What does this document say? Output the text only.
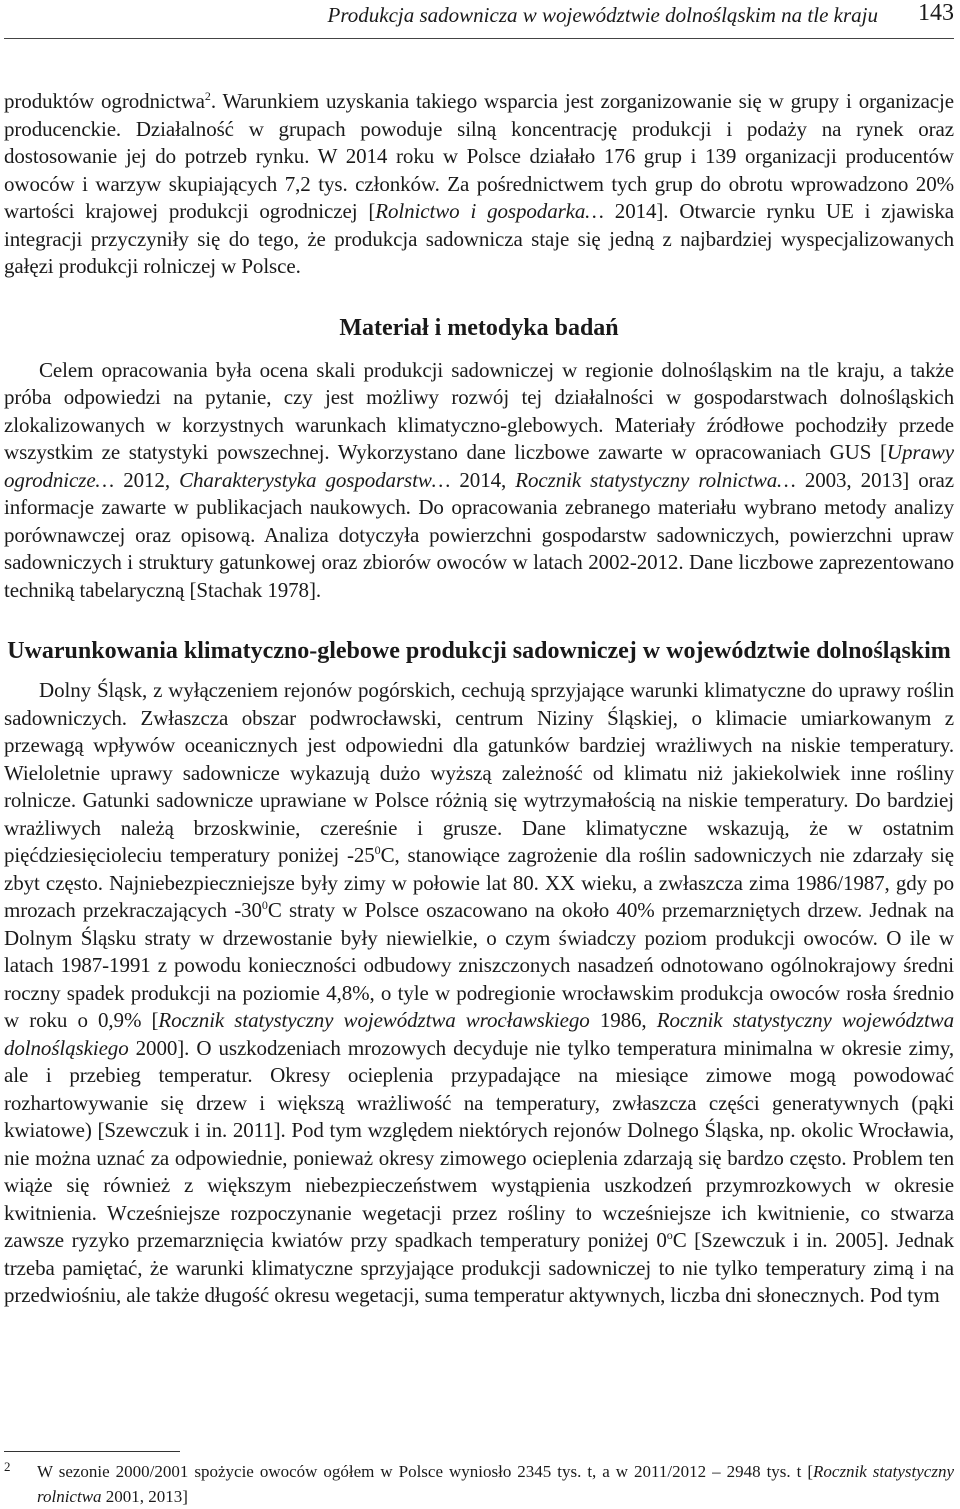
Produkcja sadownicza w województwie dolnośląskim na tle kraju 143

produktów ogrodnictwa$^2$. Warunkiem uzyskania takiego wsparcia jest zorganizowanie się w grupy i organizacje producenckie. Działalność w grupach powoduje silną koncentrację produkcji i podaży na rynek oraz dostosowanie jej do potrzeb rynku. W 2014 roku w Polsce działało 176 grup i 139 organizacji producentów owoców i warzyw skupiających 7,2 tys. członków. Za pośrednictwem tych grup do obrotu wprowadzono 20% wartości krajowej produkcji ogrodniczej [Rolnictwo i gospodarka… 2014]. Otwarcie rynku UE i zjawiska integracji przyczyniły się do tego, że produkcja sadownicza staje się jedną z najbardziej wyspecjalizowanych gałęzi produkcji rolniczej w Polsce.

Materiał i metodyka badań

Celem opracowania była ocena skali produkcji sadowniczej w regionie dolnośląskim na tle kraju, a także próba odpowiedzi na pytanie, czy jest możliwy rozwój tej działalności w gospodarstwach dolnośląskich zlokalizowanych w korzystnych warunkach klimatyczno-glebowych. Materiały źródłowe pochodziły przede wszystkim ze statystyki powszechnej. Wykorzystano dane liczbowe zawarte w opracowaniach GUS [Uprawy ogrodnicze… 2012, Charakterystyka gospodarstw… 2014, Rocznik statystyczny rolnictwa… 2003, 2013] oraz informacje zawarte w publikacjach naukowych. Do opracowania zebranego materiału wybrano metody analizy porównawczej oraz opisową. Analiza dotyczyła powierzchni gospodarstw sadowniczych, powierzchni upraw sadowniczych i struktury gatunkowej oraz zbiorów owoców w latach 2002-2012. Dane liczbowe zaprezentowano techniką tabelaryczną [Stachak 1978].

Uwarunkowania klimatyczno-glebowe produkcji sadowniczej w województwie dolnośląskim

Dolny Śląsk, z wyłączeniem rejonów pogórskich, cechują sprzyjające warunki klimatyczne do uprawy roślin sadowniczych. Zwłaszcza obszar podwrocławski, centrum Niziny Śląskiej, o klimacie umiarkowanym z przewagą wpływów oceanicznych jest odpowiedni dla gatunków bardziej wrażliwych na niskie temperatury. Wieloletnie uprawy sadownicze wykazują dużo wyższą zależność od klimatu niż jakiekolwiek inne rośliny rolnicze. Gatunki sadownicze uprawiane w Polsce różnią się wytrzymałością na niskie temperatury. Do bardziej wrażliwych należą brzoskwinie, czereśnie i grusze. Dane klimatyczne wskazują, że w ostatnim pięćdziesięcioleciu temperatury poniżej $-25^0C$, stanowiące zagrożenie dla roślin sadowniczych nie zdarzały się zbyt często. Najniebezpieczniejsze były zimy w połowie lat 80. XX wieku, a zwłaszcza zima 1986/1987, gdy po mrozach przekraczających $-30^0C$ straty w Polsce oszacowano na około 40% przemarzniętych drzew. Jednak na Dolnym Śląsku straty w drzewostanie były niewielkie, o czym świadczy poziom produkcji owoców. O ile w latach 1987-1991 z powodu konieczności odbudowy zniszczonych nasadzeń odnotowano ogólnokrajowy średni roczny spadek produkcji na poziomie 4,8%, o tyle w podregionie wrocławskim produkcja owoców rosła średnio w roku o 0,9% [Rocznik statystyczny województwa wrocławskiego 1986, Rocznik statystyczny województwa dolnośląskiego 2000]. O uszkodzeniach mrozowych decyduje nie tylko temperatura minimalna w okresie zimy, ale i przebieg temperatur. Okresy ocieplenia przypadające na miesiące zimowe mogą powodować rozhartowywanie się drzew i większą wrażliwość na temperatury, zwłaszcza części generatywnych (pąki kwiatowe) [Szewczuk i in. 2011]. Pod tym względem niektórych rejonów Dolnego Śląska, np. okolic Wrocławia, nie można uznać za odpowiednie, ponieważ okresy zimowego ocieplenia zdarzają się bardzo często. Problem ten wiąże się również z większym niebezpieczeństwem wystąpienia uszkodzeń przymrozkowych w okresie kwitnienia. Wcześniejsze rozpoczynanie wegetacji przez rośliny to wcześniejsze ich kwitnienie, co stwarza zawsze ryzyko przemarznięcia kwiatów przy spadkach temperatury poniżej 0$^o$C [Szewczuk i in. 2005]. Jednak trzeba pamiętać, że warunki klimatyczne sprzyjające produkcji sadowniczej to nie tylko temperatury zimą i na przedwiośniu, ale także długość okresu wegetacji, suma temperatur aktywnych, liczba dni słonecznych. Pod tym

2	W sezonie 2000/2001 spożycie owoców ogółem w Polsce wyniosło 2345 tys. t, a w 2011/2012 – 2948 tys. t [Rocznik statystyczny rolnictwa 2001, 2013]
